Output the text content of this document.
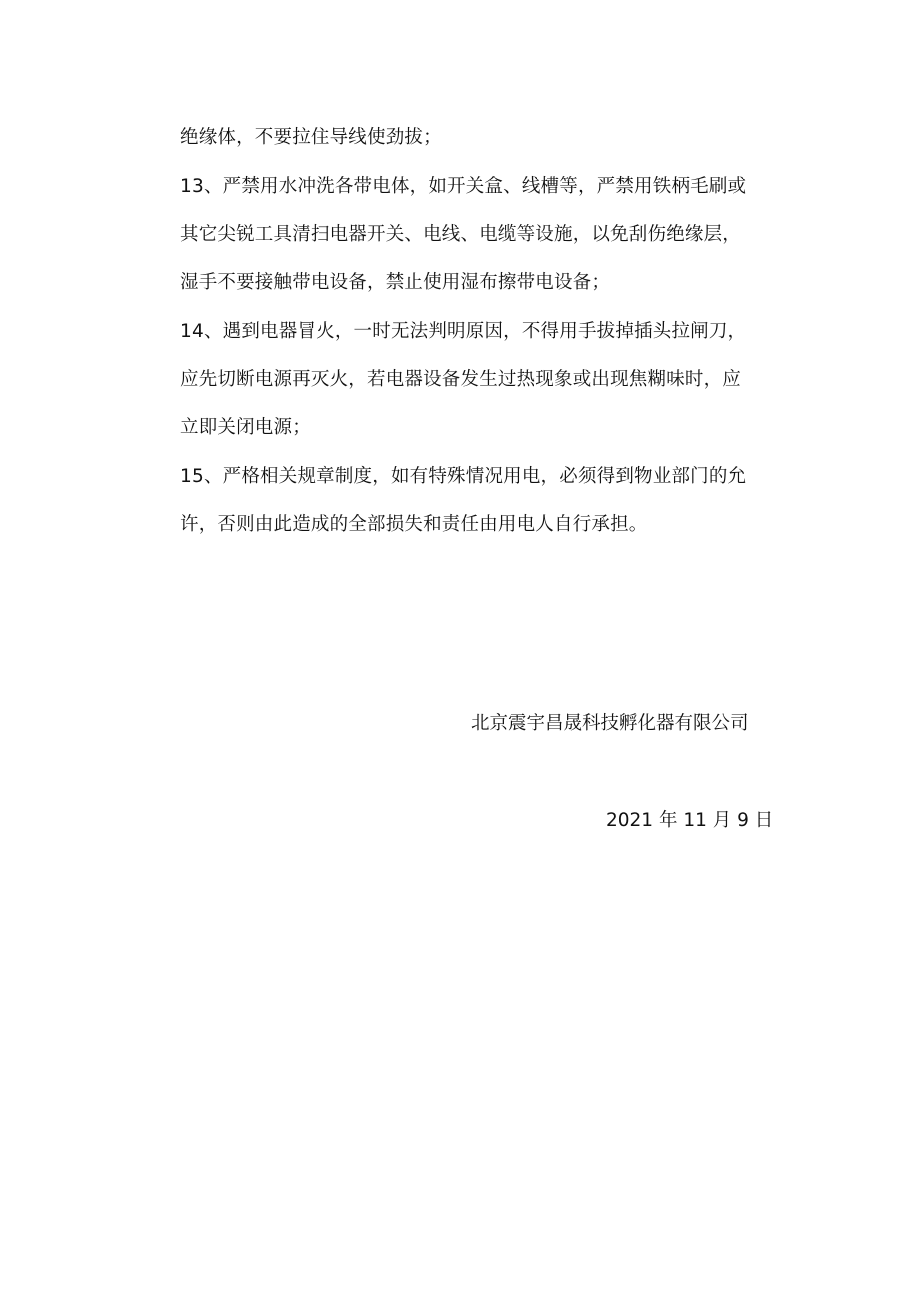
绝缘体，不要拉住导线使劲拔；
13、严禁用水冲洗各带电体，如开关盒、线槽等，严禁用铁柄毛刷或
其它尖锐工具清扫电器开关、电线、电缆等设施，以免刮伤绝缘层，
湿手不要接触带电设备，禁止使用湿布擦带电设备；
14、遇到电器冒火，一时无法判明原因，不得用手拔掉插头拉闸刀，
应先切断电源再灭火，若电器设备发生过热现象或出现焦糊味时，应
立即关闭电源；
15、严格相关规章制度，如有特殊情况用电，必须得到物业部门的允
许，否则由此造成的全部损失和责任由用电人自行承担。
北京震宇昌晟科技孵化器有限公司
2021 年 11 月 9 日
